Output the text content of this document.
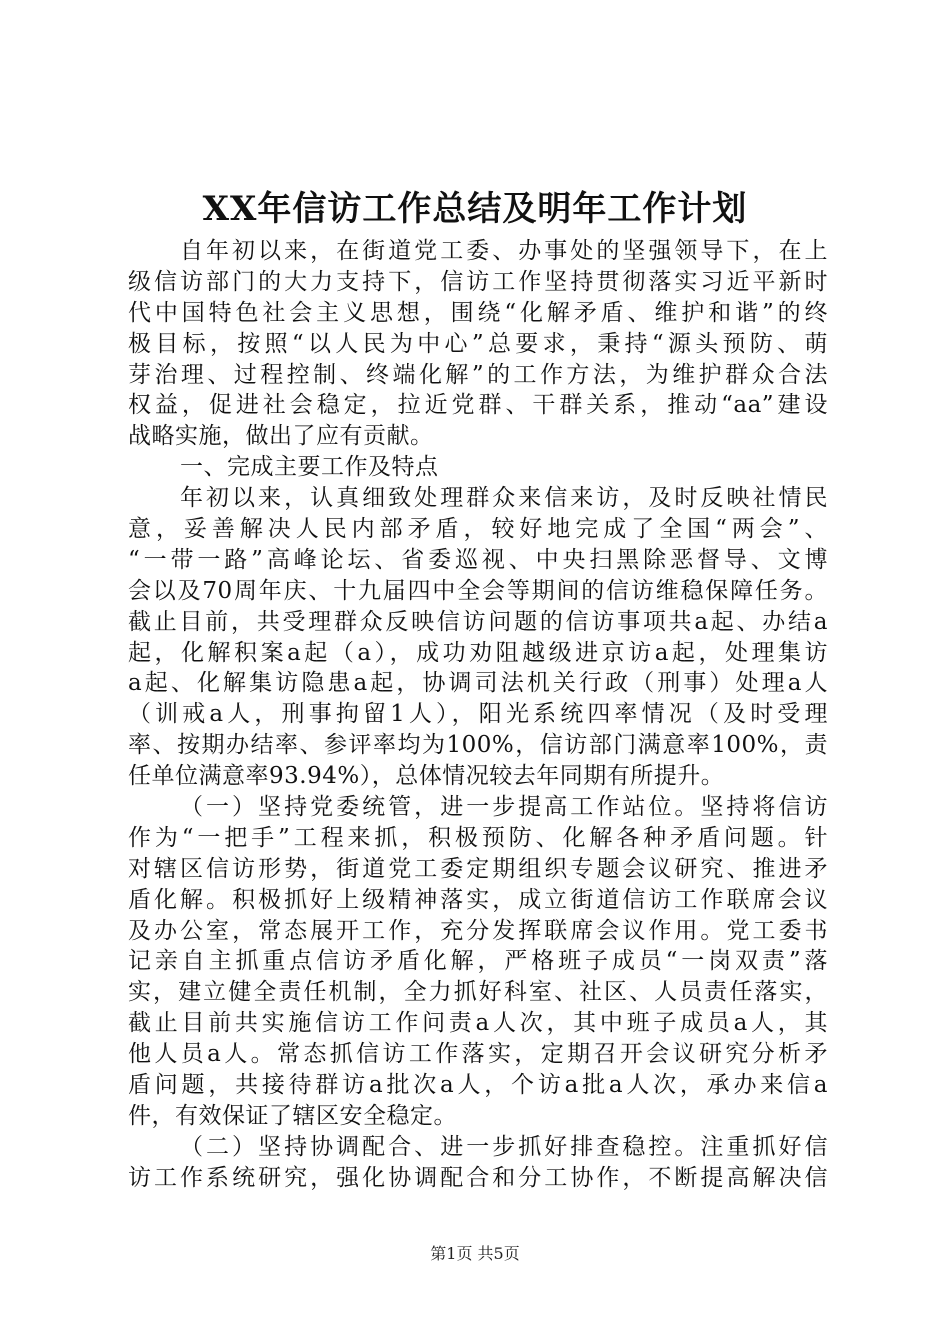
XX年信访工作总结及明年工作计划
自年初以来，在街道党工委、办事处的坚强领导下，在上
级信访部门的大力支持下，信访工作坚持贯彻落实习近平新时
代中国特色社会主义思想，围绕“化解矛盾、维护和谐”的终
极目标，按照“以人民为中心”总要求，秉持“源头预防、萌
芽治理、过程控制、终端化解”的工作方法，为维护群众合法
权益，促进社会稳定，拉近党群、干群关系，推动“aa”建设
战略实施，做出了应有贡献。
一、完成主要工作及特点
年初以来，认真细致处理群众来信来访，及时反映社情民
意，妥善解决人民内部矛盾，较好地完成了全国“两会”、
“一带一路”高峰论坛、省委巡视、中央扫黑除恶督导、文博
会以及70周年庆、十九届四中全会等期间的信访维稳保障任务。
截止目前，共受理群众反映信访问题的信访事项共a起、办结a
起，化解积案a起（a），成功劝阻越级进京访a起，处理集访
a起、化解集访隐患a起，协调司法机关行政（刑事）处理a人
（训戒a人，刑事拘留1人），阳光系统四率情况（及时受理
率、按期办结率、参评率均为100%，信访部门满意率100%，责
任单位满意率93.94%），总体情况较去年同期有所提升。
（一）坚持党委统管，进一步提高工作站位。坚持将信访
作为“一把手”工程来抓，积极预防、化解各种矛盾问题。针
对辖区信访形势，街道党工委定期组织专题会议研究、推进矛
盾化解。积极抓好上级精神落实，成立街道信访工作联席会议
及办公室，常态展开工作，充分发挥联席会议作用。党工委书
记亲自主抓重点信访矛盾化解，严格班子成员“一岗双责”落
实，建立健全责任机制，全力抓好科室、社区、人员责任落实，
截止目前共实施信访工作问责a人次，其中班子成员a人，其
他人员a人。常态抓信访工作落实，定期召开会议研究分析矛
盾问题，共接待群访a批次a人，个访a批a人次，承办来信a
件，有效保证了辖区安全稳定。
（二）坚持协调配合、进一步抓好排查稳控。注重抓好信
访工作系统研究，强化协调配合和分工协作，不断提高解决信
第1页 共5页
